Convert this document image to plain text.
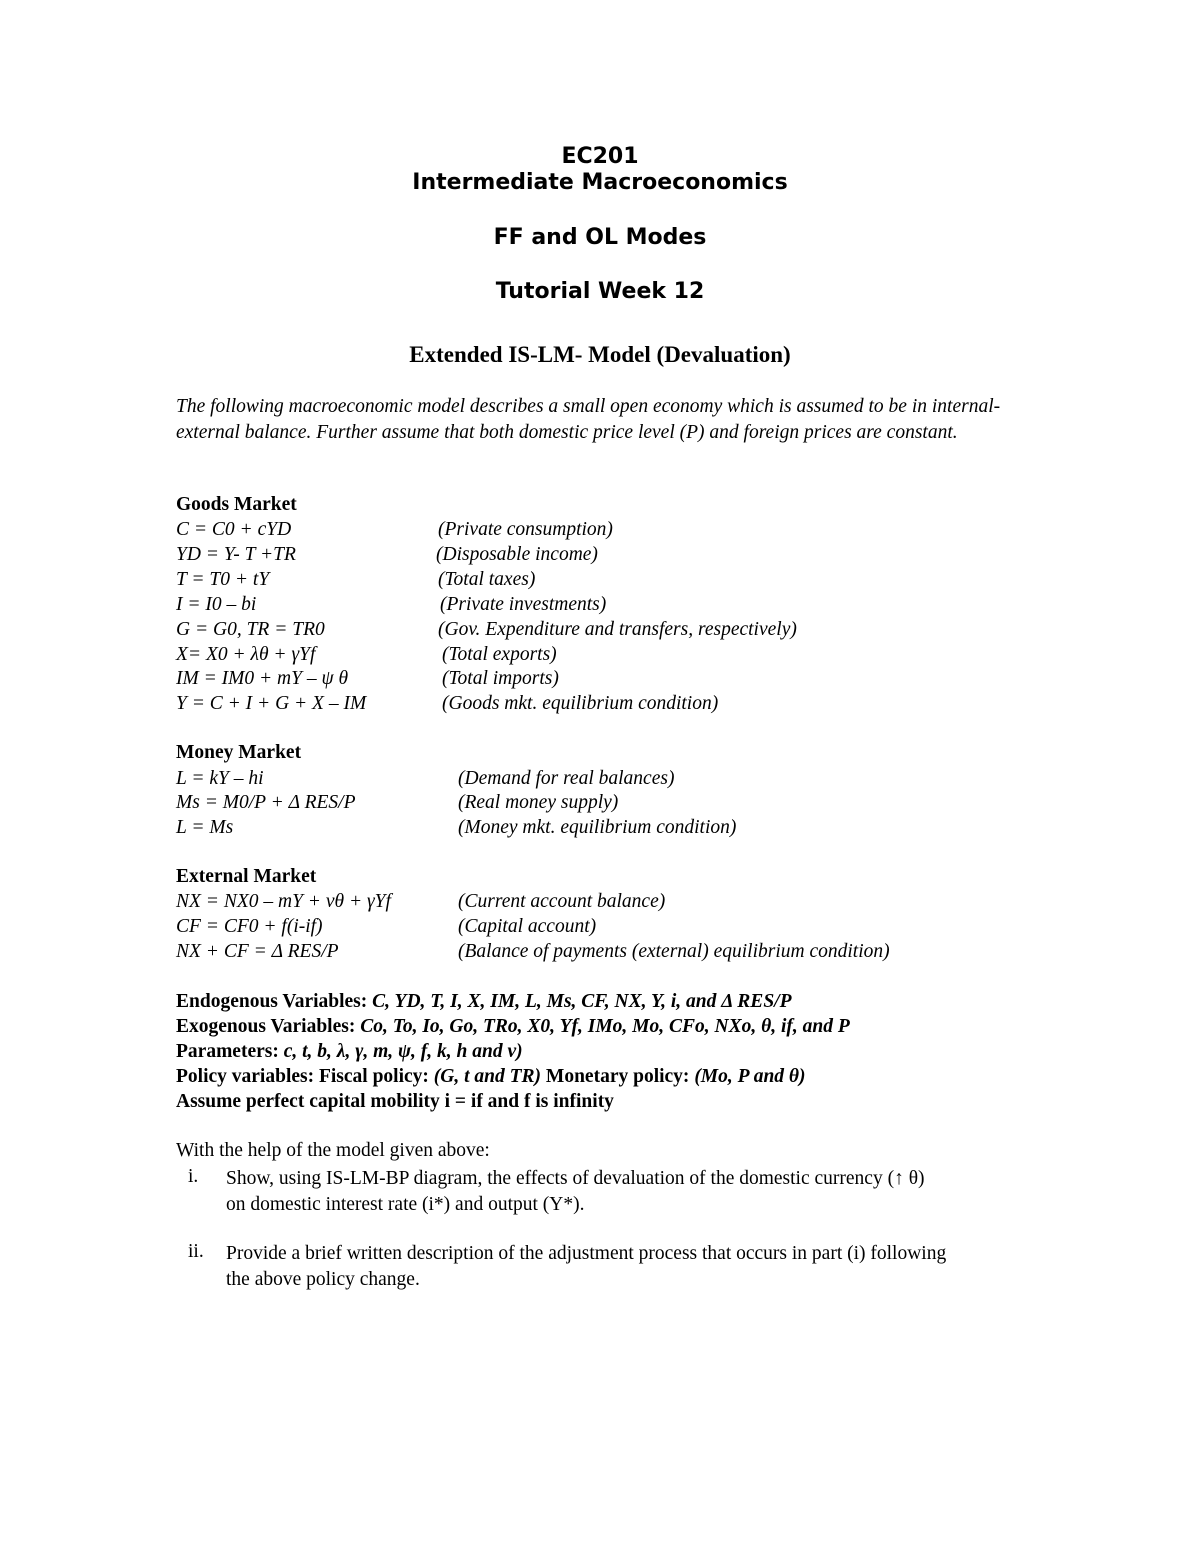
EC201
Intermediate Macroeconomics
FF and OL Modes
Tutorial Week 12
Extended IS-LM- Model (Devaluation)
The following macroeconomic model describes a small open economy which is assumed to be in internal-external balance. Further assume that both domestic price level (P) and foreign prices are constant.
Goods Market
C = C0 + cYD	(Private consumption)
YD = Y- T +TR	(Disposable income)
T = T0 + tY	(Total taxes)
I = I0 – bi	(Private investments)
G = G0, TR = TR0	(Gov. Expenditure and transfers, respectively)
X= X0 + λθ + γYf	(Total exports)
IM = IM0 + mY – ψ θ	(Total imports)
Y = C + I + G + X – IM	(Goods mkt. equilibrium condition)
Money Market
L = kY – hi	(Demand for real balances)
Ms = M0/P + Δ RES/P	(Real money supply)
L = Ms	(Money mkt. equilibrium condition)
External Market
NX = NX0 – mY + vθ + γYf	(Current account balance)
CF = CF0 + f(i-if)	(Capital account)
NX + CF = Δ RES/P	(Balance of payments (external) equilibrium condition)
Endogenous Variables: C, YD, T, I, X, IM, L, Ms, CF, NX, Y, i, and Δ RES/P
Exogenous Variables: Co, To, Io, Go, TRo, X0, Yf, IMo, Mo, CFo, NXo, θ, if, and P
Parameters: c, t, b, λ, γ, m, ψ, f, k, h and v)
Policy variables: Fiscal policy: (G, t and TR) Monetary policy: (Mo, P and θ)
Assume perfect capital mobility i = if and f is infinity
With the help of the model given above:
i. Show, using IS-LM-BP diagram, the effects of devaluation of the domestic currency (↑ θ)
on domestic interest rate (i*) and output (Y*).
ii. Provide a brief written description of the adjustment process that occurs in part (i) following
the above policy change.
